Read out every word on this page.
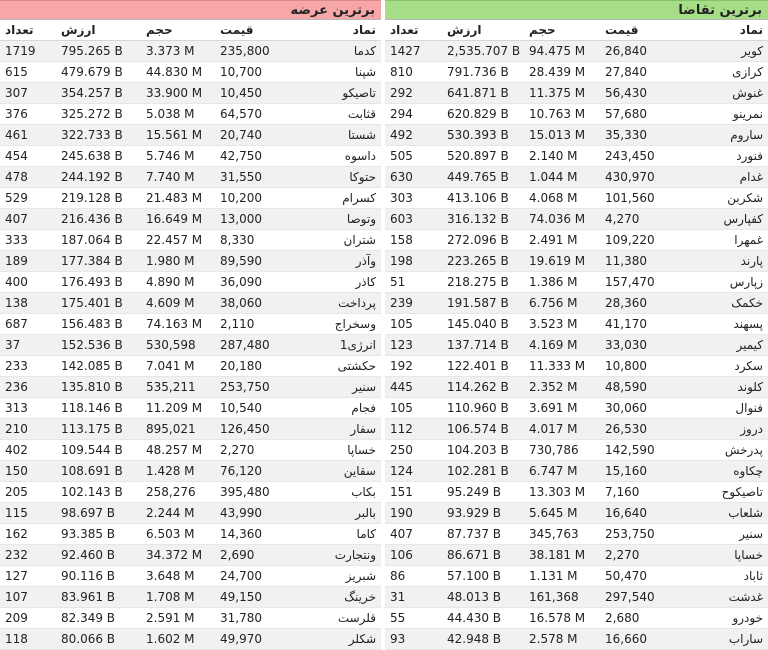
برترین عرضه
نماد	قیمت	حجم	ارزش	تعداد
کدما	235,800	3.373 M	795.265 B	1719
شپنا	10,700	44.830 M	479.679 B	615
تاصیکو	10,450	33.900 M	354.257 B	307
قثابت	64,570	5.038 M	325.272 B	376
شستا	20,740	15.561 M	322.733 B	461
داسوه	42,750	5.746 M	245.638 B	454
حتوکا	31,550	7.740 M	244.192 B	478
کسرام	10,200	21.483 M	219.128 B	529
وتوصا	13,000	16.649 M	216.436 B	407
شتران	8,330	22.457 M	187.064 B	333
وآذر	89,590	1.980 M	177.384 B	189
کاذر	36,090	4.890 M	176.493 B	400
پرداخت	38,060	4.609 M	175.401 B	138
وسخراج	2,110	74.163 M	156.483 B	687
انرژی1	287,480	530,598	152.536 B	37
حکشتی	20,180	7.041 M	142.085 B	233
سنیر	253,750	535,211	135.810 B	236
فجام	10,540	11.209 M	118.146 B	313
سفار	126,450	895,021	113.175 B	210
خساپا	2,270	48.257 M	109.544 B	402
سقاین	76,120	1.428 M	108.691 B	150
بکاب	395,480	258,276	102.143 B	205
بالبر	43,990	2.244 M	98.697 B	115
کاما	14,360	6.503 M	93.385 B	162
ونتجارت	2,690	34.372 M	92.460 B	232
شبریز	24,700	3.648 M	90.116 B	127
خرینگ	49,150	1.708 M	83.961 B	107
قلرست	31,780	2.591 M	82.349 B	209
شکلر	49,970	1.602 M	80.066 B	118
برترین تقاضا
نماد	قیمت	حجم	ارزش	تعداد
کویر	26,840	94.475 M	2,535.707 B	1427
کرازی	27,840	28.439 M	791.736 B	810
غنوش	56,430	11.375 M	641.871 B	292
نمرینو	57,680	10.763 M	620.829 B	294
ساروم	35,330	15.013 M	530.393 B	492
فنورد	243,450	2.140 M	520.897 B	505
غدام	430,970	1.044 M	449.765 B	630
شکربن	101,560	4.068 M	413.106 B	303
کفپارس	4,270	74.036 M	316.132 B	603
غمهرا	109,220	2.491 M	272.096 B	158
پارند	11,380	19.619 M	223.265 B	198
زپارس	157,470	1.386 M	218.275 B	51
خکمک	28,360	6.756 M	191.587 B	239
پسهند	41,170	3.523 M	145.040 B	105
کیمیر	33,030	4.169 M	137.714 B	123
سکرد	10,800	11.333 M	122.401 B	192
کلوند	48,590	2.352 M	114.262 B	445
فنوال	30,060	3.691 M	110.960 B	105
دروز	26,530	4.017 M	106.574 B	112
پدرخش	142,590	730,786	104.203 B	250
چکاوه	15,160	6.747 M	102.281 B	124
تاصیکوح	7,160	13.303 M	95.249 B	151
شلعاب	16,640	5.645 M	93.929 B	190
سنیر	253,750	345,763	87.737 B	407
خساپا	2,270	38.181 M	86.671 B	106
ثاباد	50,470	1.131 M	57.100 B	86
غدشت	297,540	161,368	48.013 B	31
خودرو	2,680	16.578 M	44.430 B	55
ساراب	16,660	2.578 M	42.948 B	93
